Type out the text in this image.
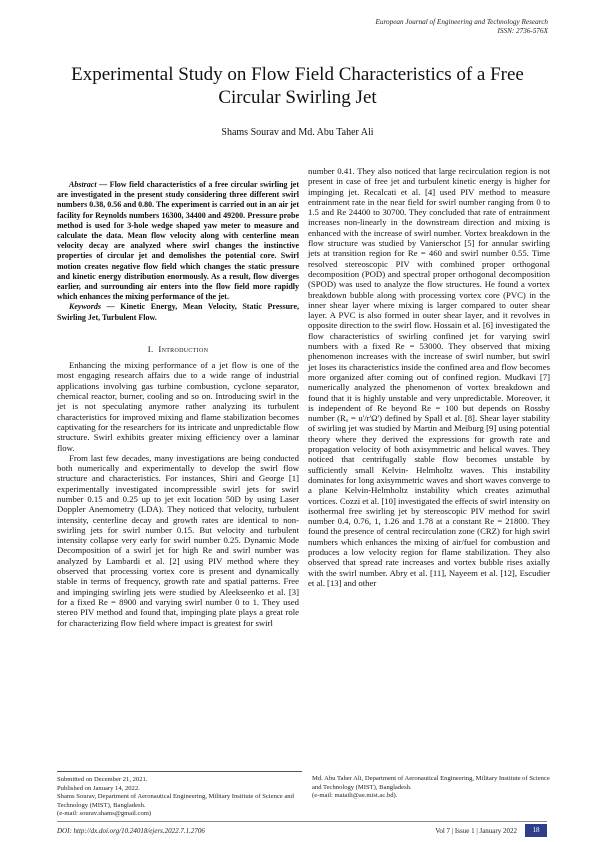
European Journal of Engineering and Technology Research
ISSN: 2736-576X
Experimental Study on Flow Field Characteristics of a Free Circular Swirling Jet
Shams Sourav and Md. Abu Taher Ali

Abstract — Flow field characteristics of a free circular swirling jet are investigated in the present study considering three different swirl numbers 0.38, 0.56 and 0.80. The experiment is carried out in an air jet facility for Reynolds numbers 16300, 34400 and 49200. Pressure probe method is used for 3-hole wedge shaped yaw meter to measure and calculate the data. Mean flow velocity along with centerline mean velocity decay are analyzed where swirl changes the instinctive properties of circular jet and demolishes the potential core. Swirl motion creates negative flow field which changes the static pressure and kinetic energy distribution enormously. As a result, flow diverges earlier, and surrounding air enters into the flow field more rapidly which enhances the mixing performance of the jet.

Keywords — Kinetic Energy, Mean Velocity, Static Pressure, Swirling Jet, Turbulent Flow.

I. Introduction

Enhancing the mixing performance of a jet flow is one of the most engaging research affairs due to a wide range of industrial applications involving gas turbine combustion, cyclone separator, chemical reactor, burner, cooling and so on. Introducing swirl in the jet is not speculating anymore rather analyzing its turbulent characteristics for improved mixing and flame stabilization becomes captivating for the researchers for its intricate and unpredictable flow structure. Swirl exhibits greater mixing efficiency over a laminar flow.

From last few decades, many investigations are being conducted both numerically and experimentally to develop the swirl flow structure and characteristics. For instances, Shiri and George [1] experimentally investigated incompressible swirl jets for swirl number 0.15 and 0.25 up to jet exit location 50D by using Laser Doppler Anemometry (LDA). They noticed that velocity, turbulent intensity, centerline decay and growth rates are identical to non-swirling jets for swirl number 0.15. But velocity and turbulent intensity collapse very early for swirl number 0.25. Dynamic Mode Decomposition of a swirl jet for high Re and swirl number was analyzed by Lambardi et al. [2] using PIV method where they observed that processing vortex core is present and dynamically stable in terms of frequency, growth rate and spatial patterns. Free and impinging swirling jets were studied by Aleekseenko et al. [3] for a fixed Re = 8900 and varying swirl number 0 to 1. They used stereo PIV method and found that, impinging plate plays a great role for characterizing flow field where impact is greatest for swirl

number 0.41. They also noticed that large recirculation region is not present in case of free jet and turbulent kinetic energy is higher for impinging jet. Recalcati et al. [4] used PIV method to measure entrainment rate in the near field for swirl number ranging from 0 to 1.5 and Re 24400 to 30700. They concluded that rate of entrainment increases non-linearly in the downstream direction and mixing is enhanced with the increase of swirl number. Vortex breakdown in the flow structure was studied by Vanierschot [5] for annular swirling jets at transition region for Re = 460 and swirl number 0.55. Time resolved stereoscopic PIV with combined proper orthogonal decomposition (POD) and spectral proper orthogonal decomposition (SPOD) was used to analyze the flow structures. He found a vortex breakdown bubble along with processing vortex core (PVC) in the inner shear layer where mixing is larger compared to outer shear layer. A PVC is also formed in outer shear layer, and it revolves in opposite direction to the swirl flow. Hossain et al. [6] investigated the flow characteristics of swirling confined jet for varying swirl numbers with a fixed Re = 53000. They observed that mixing phenomenon increases with the increase of swirl number, but swirl jet loses its characteristics inside the confined area and flow becomes more organized after coming out of confined region. Mudkavi [7] numerically analyzed the phenomenon of vortex breakdown and found that it is highly unstable and very unpredictable. Moreover, it is independent of Re beyond Re = 100 but depends on Rossby number (Rₒ = u'/r'Ω') defined by Spall et al. [8]. Shear layer stability of swirling jet was studied by Martin and Meiburg [9] using potential theory where they derived the expressions for growth rate and propagation velocity of both axisymmetric and helical waves. They noticed that centrifugally stable flow becomes unstable by sufficiently small Kelvin- Helmholtz waves. This instability dominates for long axisymmetric waves and short waves converge to a plane Kelvin-Helmholtz instability which creates azimuthal vortices. Cozzi et al. [10] investigated the effects of swirl intensity on isothermal free swirling jet by stereoscopic PIV method for swirl number 0.4, 0.76, 1, 1.26 and 1.78 at a constant Re = 21800. They found the presence of central recirculation zone (CRZ) for high swirl numbers which enhances the mixing of air/fuel for combustion and produces a low velocity region for flame stabilization. They also observed that spread rate increases and vortex bubble rises axially with the swirl number. Abry et al. [11], Nayeem et al. [12], Escudier et al. [13] and other

Submitted on December 21, 2021.
Published on January 14, 2022.
Shams Sourav, Department of Aeronautical Engineering, Military Institute of Science and Technology (MIST), Bangladesh.
(e-mail: sourav.shams@gmail.com)
Md. Abu Taher Ali, Department of Aeronautical Engineering, Military Institute of Science and Technology (MIST), Bangladesh.
(e-mail: mataili@ae.mist.ac.bd).
DOI: http://dx.doi.org/10.24018/ejers.2022.7.1.2706	Vol 7 | Issue 1 | January 2022	18
